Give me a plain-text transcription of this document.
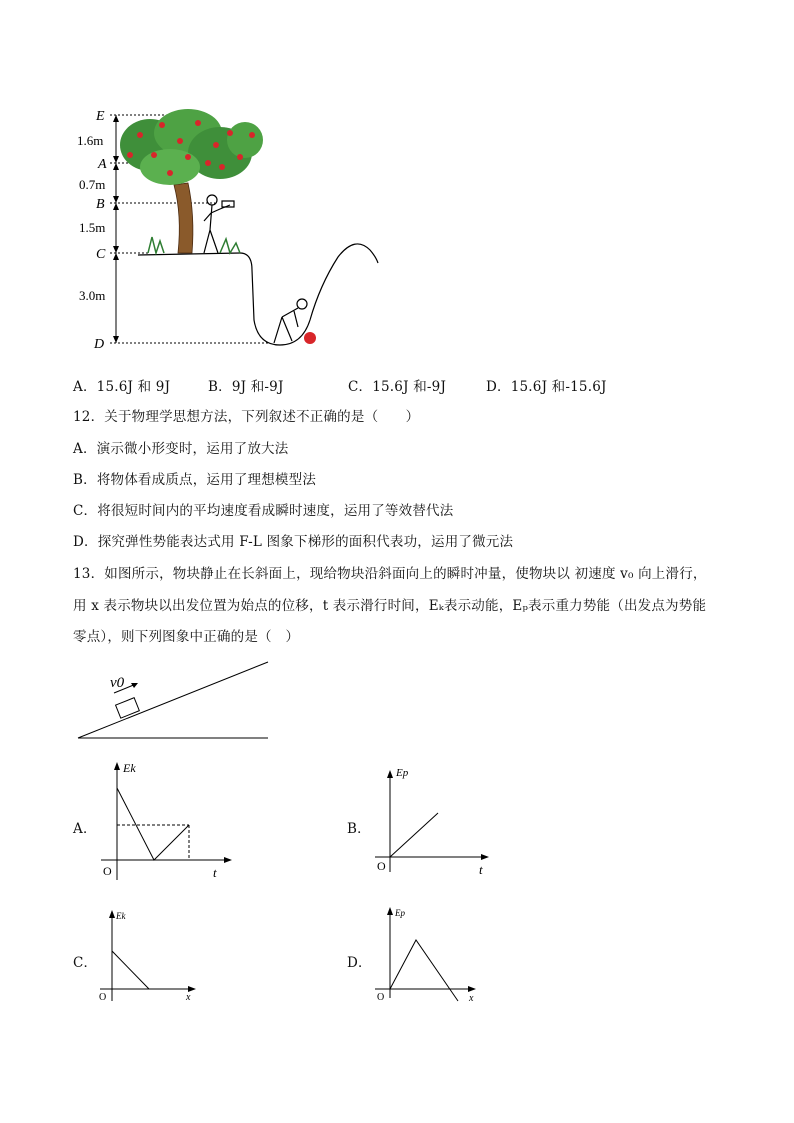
E
A
B
C
D
1.6m
0.7m
1.5m
3.0m
A．15.6J 和 9J	B．9J 和-9J	C．15.6J 和-9J	D．15.6J 和-15.6J
12．关于物理学思想方法，下列叙述不正确的是（　　）
A．演示微小形变时，运用了放大法
B．将物体看成质点，运用了理想模型法
C．将很短时间内的平均速度看成瞬时速度，运用了等效替代法
D．探究弹性势能表达式用 F-L 图象下梯形的面积代表功，运用了微元法
13．如图所示，物块静止在长斜面上，现给物块沿斜面向上的瞬时冲量，使物块以 初速度 v₀ 向上滑行，
用 x 表示物块以出发位置为始点的位移，t 表示滑行时间，Eₖ表示动能，Eₚ表示重力势能（出发点为势能
零点），则下列图象中正确的是（　）
v0
A．	B．
C．	D．
Ek
t
O
Ep
t
O
Ek
x
O
Ep
x
O
